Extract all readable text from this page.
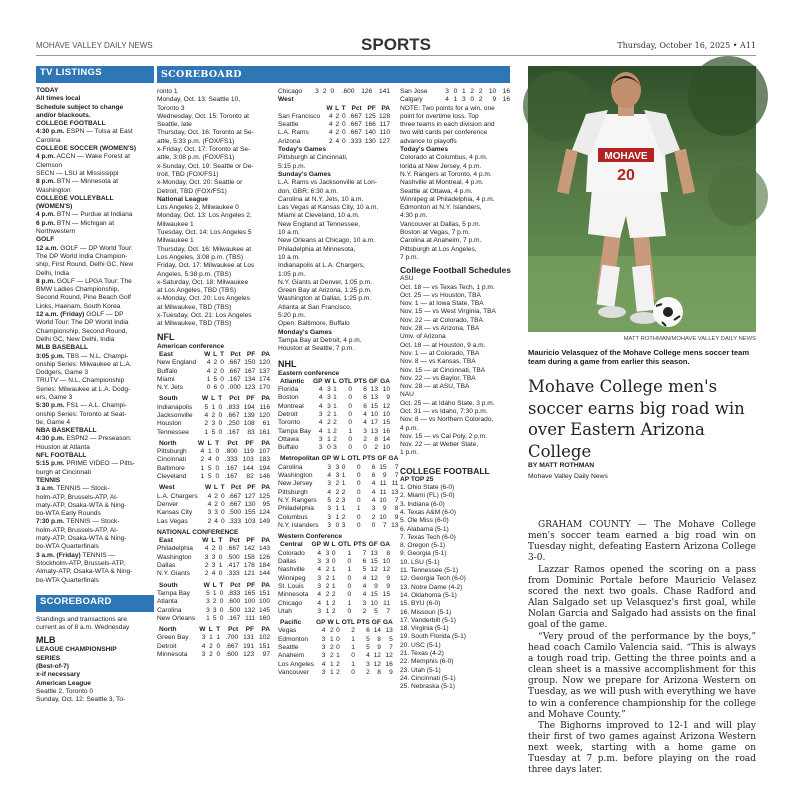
MOHAVE VALLEY DAILY NEWS	SPORTS	Thursday, October 16, 2025 • A11
TV LISTINGS
TODAY
All times local
Schedule subject to change
and/or blackouts.
COLLEGE FOOTBALL
4:30 p.m. ESPN — Tulsa at East
Carolina
COLLEGE SOCCER (WOMEN'S)
4 p.m. ACCN — Wake Forest at
Clemson
SECN — LSU at Mississippi
8 p.m. BTN — Minnesota at
Washington
COLLEGE VOLLEYBALL
(WOMEN'S)
4 p.m. BTN — Purdue at Indiana
6 p.m. BTN — Michigan at
Northwestern
GOLF
12 a.m. GOLF — DP World Tour:
The DP World India Champion-
ship, First Round, Delhi GC, New
Delhi, India
8 p.m. GOLF — LPGA Tour: The
BMW Ladies Championship,
Second Round, Pine Beach Golf
Links, Haenam, South Korea
12 a.m. (Friday) GOLF — DP
World Tour: The DP World India
Championship, Second Round,
Delhi GC, New Delhi, India
MLB BASEBALL
3:05 p.m. TBS — N.L. Champi-
onship Series: Milwaukee at L.A.
Dodgers, Game 3
TRUTV — N.L. Championship
Series: Milwaukee at L.A. Dodg-
ers, Game 3
5:30 p.m. FS1 — A.L. Champi-
onship Series: Toronto at Seat-
tle, Game 4
NBA BASKETBALL
4:30 p.m. ESPN2 — Preseason:
Houston at Atlanta
NFL FOOTBALL
5:15 p.m. PRIME VIDEO — Pitts-
burgh at Cincinnati
TENNIS
3 a.m. TENNIS — Stock-
holm-ATP, Brussels-ATP, Al-
maty-ATP, Osaka-WTA & Ning-
bo-WTA Early Rounds
7:30 p.m. TENNIS — Stock-
holm-ATP, Brussels-ATP, Al-
maty-ATP, Osaka-WTA & Ning-
bo-WTA Quarterfinals
3 a.m. (Friday) TENNIS —
Stockholm-ATP, Brussels-ATP,
Almaty-ATP, Osaka-WTA & Ning-
bo-WTA Quarterfinals
SCOREBOARD
Standings and transactions are
current as of 8 a.m. Wednesday
MLB
LEAGUE CHAMPIONSHIP
SERIES
(Best-of-7)
x-if necessary
American League
Seattle 2, Toronto 0
Sunday, Oct. 12: Seattle 3, To-
SCOREBOARD
ronto 1
Monday, Oct. 13: Seattle 10,
Toronto 3
Wednesday, Oct. 15: Toronto at
Seattle, late
Thursday, Oct. 16: Toronto at Se-
attle, 5:33 p.m. (FOX/FS1)
x-Friday, Oct. 17: Toronto at Se-
attle, 3:08 p.m. (FOX/FS1)
x-Sunday, Oct. 19: Seattle or De-
troit, TBD (FOX/FS1)
x-Monday, Oct. 20: Seattle or
Detroit, TBD (FOX/FS1)
National League
Los Angeles 2, Milwaukee 0
Monday, Oct. 13: Los Angeles 2,
Milwaukee 1
Tuesday, Oct. 14: Los Angeles 5
Milwaukee 1
Thursday, Oct. 16: Milwaukee at
Los Angeles, 3:08 p.m. (TBS)
Friday, Oct. 17: Milwaukee at Los
Angeles, 5:38 p.m. (TBS)
x-Saturday, Oct. 18: Milwaukee
at Los Angeles, TBD (TBS)
x-Monday, Oct. 20: Los Angeles
at Milwaukee, TBD (TBS)
x-Tuesday, Oct. 21: Los Angeles
at Milwaukee, TBD (TBS)
NFL
American conference
East	W	L	T	Pct	PF	PA
New England	4	2	0	.667	150	120
Buffalo	4	2	0	.667	167	137
Miami	1	5	0	.167	134	174
N.Y. Jets	0	6	0	.000	123	170
South	W	L	T	Pct	PF	PA
Indianapolis	5	1	0	.833	194	116
Jacksonville	4	2	0	.667	139	120
Houston	2	3	0	.250	108	61
Tennessee	1	5	0	.167	83	161
North	W	L	T	Pct	PF	PA
Pittsburgh	4	1	0	.800	119	107
Cincinnati	2	4	0	.333	103	183
Baltimore	1	5	0	.167	144	194
Cleveland	1	5	0	.167	82	146
West	W	L	T	Pct	PF	PA
L.A. Chargers	4	2	0	.667	127	125
Denver	4	2	0	.667	130	95
Kansas City	3	3	0	.500	155	124
Las Vegas	2	4	0	.333	103	149
NATIONAL CONFERENCE
East	W	L	T	Pct	PF	PA
Philadelphia	4	2	0	.667	142	143
Washington	3	3	0	.500	158	126
Dallas	2	3	1	.417	178	184
N.Y. Giants	2	4	0	.333	121	144
South	W	L	T	Pct	PF	PA
Tampa Bay	5	1	0	.833	165	151
Atlanta	3	2	0	.600	100	100
Carolina	3	3	0	.500	132	145
New Orleans	1	5	0	.167	111	160
North	W	L	T	Pct	PF	PA
Green Bay	3	1	1	.700	131	102
Detroit	4	2	0	.667	191	151
Minnesota	3	2	0	.600	123	97
Chicago	3	2	0	.600	126	141
West
	W	L	T	Pct	PF	PA
San Francisco	4	2	0	.667	125	128
Seattle	4	2	0	.667	166	117
L.A. Rams	4	2	0	.667	140	110
Arizona	2	4	0	.333	130	127
Today's Games
Pittsburgh at Cincinnati,
5:15 p.m.
Sunday's Games
L.A. Rams vs Jacksonville at Lon-
don, GBR, 6:30 a.m.
Carolina at N.Y. Jets, 10 a.m.
Las Vegas at Kansas City, 10 a.m.
Miami at Cleveland, 10 a.m.
New England at Tennessee,
10 a.m.
New Orleans at Chicago, 10 a.m.
Philadelphia at Minnesota,
10 a.m.
Indianapolis at L.A. Chargers,
1:05 p.m.
N.Y. Giants at Denver, 1:05 p.m.
Green Bay at Arizona, 1:25 p.m.
Washington at Dallas, 1:25 p.m.
Atlanta at San Francisco,
5:20 p.m.
Open: Baltimore, Buffalo
Monday's Games
Tampa Bay at Detroit, 4 p.m.
Houston at Seattle, 7 p.m.
NHL
Eastern conference
Atlantic	GP	W	L	OTL	PTS	GF	GA
Florida	4	3	1	0	6	13	10
Boston	4	3	1	0	6	13	9
Montreal	4	3	1	0	6	15	12
Detroit	3	2	1	0	4	10	10
Toronto	4	2	2	0	4	17	15
Tampa Bay	4	1	2	1	3	13	16
Ottawa	3	1	2	0	2	8	14
Buffalo	3	0	3	0	0	2	10
Metropolitan	GP	W	L	OTL	PTS	GF	GA
Carolina	3	3	0	0	6	15	7
Washington	4	3	1	0	6	9	7
New Jersey	3	2	1	0	4	11	11
Pittsburgh	4	2	2	0	4	11	13
N.Y. Rangers	5	2	3	0	4	10	7
Philadelphia	3	1	1	1	3	9	8
Columbus	3	1	2	0	2	10	9
N.Y. Islanders	3	0	3	0	0	7	13
Western Conference
Central	GP	W	L	OTL	PTS	GF	GA
Colorado	4	3	0	1	7	13	8
Dallas	3	3	0	0	6	15	10
Nashville	4	2	1	1	5	12	12
Winnipeg	3	2	1	0	4	12	9
St. Louis	3	2	1	0	4	9	9
Minnesota	4	2	2	0	4	15	15
Chicago	4	1	2	1	3	10	11
Utah	3	1	2	0	2	5	7
Pacific	GP	W	L	OTL	PTS	GF	GA
Vegas	4	2	0	2	6	14	13
Edmonton	3	1	0	1	5	8	5
Seattle	3	2	0	1	5	9	7
Anaheim	3	2	1	0	4	12	12
Los Angeles	4	1	2	1	3	12	16
Vancouver	3	1	2	0	2	8	9
San Jose	3	0	1	2	2	10	16
Calgary	4	1	3	0	2	9	16
NOTE: Two points for a win, one
point for overtime loss. Top
three teams in each division and
two wild cards per conference
advance to playoffs
Today's Games
Colorado at Columbus, 4 p.m.
lorida at New Jersey, 4 p.m.
N.Y. Rangers at Toronto, 4 p.m.
Nashville at Montreal, 4 p.m.
Seattle at Ottawa, 4 p.m.
Winnipeg at Philadelphia, 4 p.m.
Edmonton at N.Y. Islanders,
4:30 p.m.
Vancouver at Dallas, 5 p.m.
Boston at Vegas, 7 p.m.
Carolina at Anaheim, 7 p.m.
Pittsburgh at Los Angeles,
7 p.m.
College Football Schedules
ASU
Oct. 18 — vs Texas Tech, 1 p.m.
Oct. 25 — vs Houston, TBA
Nov. 1 — at Iowa State, TBA
Nov. 15 — vs West Virginia, TBA
Nov. 22 — at Colorado, TBA
Nov. 28 — vs Arizona, TBA
Univ. of Arizona
Oct. 18 — at Houston, 9 a.m.
Nov. 1 — at Colorado, TBA
Nov. 8 — vs Kansas, TBA
Nov. 15 — at Cincinnati, TBA
Nov. 22 — vs Baylor, TBA
Nov. 28 — at ASU, TBA
NAU
Oct. 25 — at Idaho State, 3 p.m.
Oct. 31 — vs Idaho, 7:30 p.m.
Nov. 8 — vs Northern Colorado,
4 p.m.
Nov. 15 — vs Cal Poly, 2 p.m.
Nov. 22 — at Weber State,
1 p.m.
COLLEGE FOOTBALL
AP TOP 25
1. Ohio State (6-0)
2. Miami (FL) (5-0)
3. Indiana (6-0)
4. Texas A&M (6-0)
5. Ole Miss (6-0)
6. Alabama (5-1)
7. Texas Tech (6-0)
8. Oregon (5-1)
9. Georgia (5-1)
10. LSU (5-1)
11. Tennessee (5-1)
12. Georgia Tech (6-0)
13. Notre Dame (4-2)
14. Oklahoma (5-1)
15. BYU (6-0)
16. Missouri (5-1)
17. Vanderbilt (5-1)
18. Virginia (5-1)
19. South Florida (5-1)
20. USC (5-1)
21. Texas (4-2)
22. Memphis (6-0)
23. Utah (5-1)
24. Cincinnati (5-1)
25. Nebraska (5-1)
MOHAVE
20
MATT ROTHMAN/MOHAVE VALLEY DAILY NEWS
Mauricio Velasquez of the Mohave College mens soccer team team during a game from earlier this season.
Mohave College men's soccer earns big road win over Eastern Arizona College
BY MATT ROTHMAN
Mohave Valley Daily News

GRAHAM COUNTY — The Mohave College men's soccer team earned a big road win on Tuesday night, defeating Eastern Arizona College 3-0.

Lazzar Ramos opened the scoring on a pass from Dominic Portale before Mauricio Velasez scored the next two goals. Chase Radford and Alan Salgado set up Velasquez's first goal, while Nolan Garcia and Salgado had assists on the final goal of the game.

“Very proud of the performance by the boys,” head coach Camilo Valencia said. “This is always a tough road trip. Getting the three points and a clean sheet is a massive accomplishment for this group. Now we prepare for Arizona Western on Tuesday, as we will push with everything we have to win a conference championship for the college and Mohave County.”

The Bighorns improved to 12-1 and will play their first of two games against Arizona Western next week, starting with a home game on Tuesday at 7 p.m. before playing on the road three days later.
